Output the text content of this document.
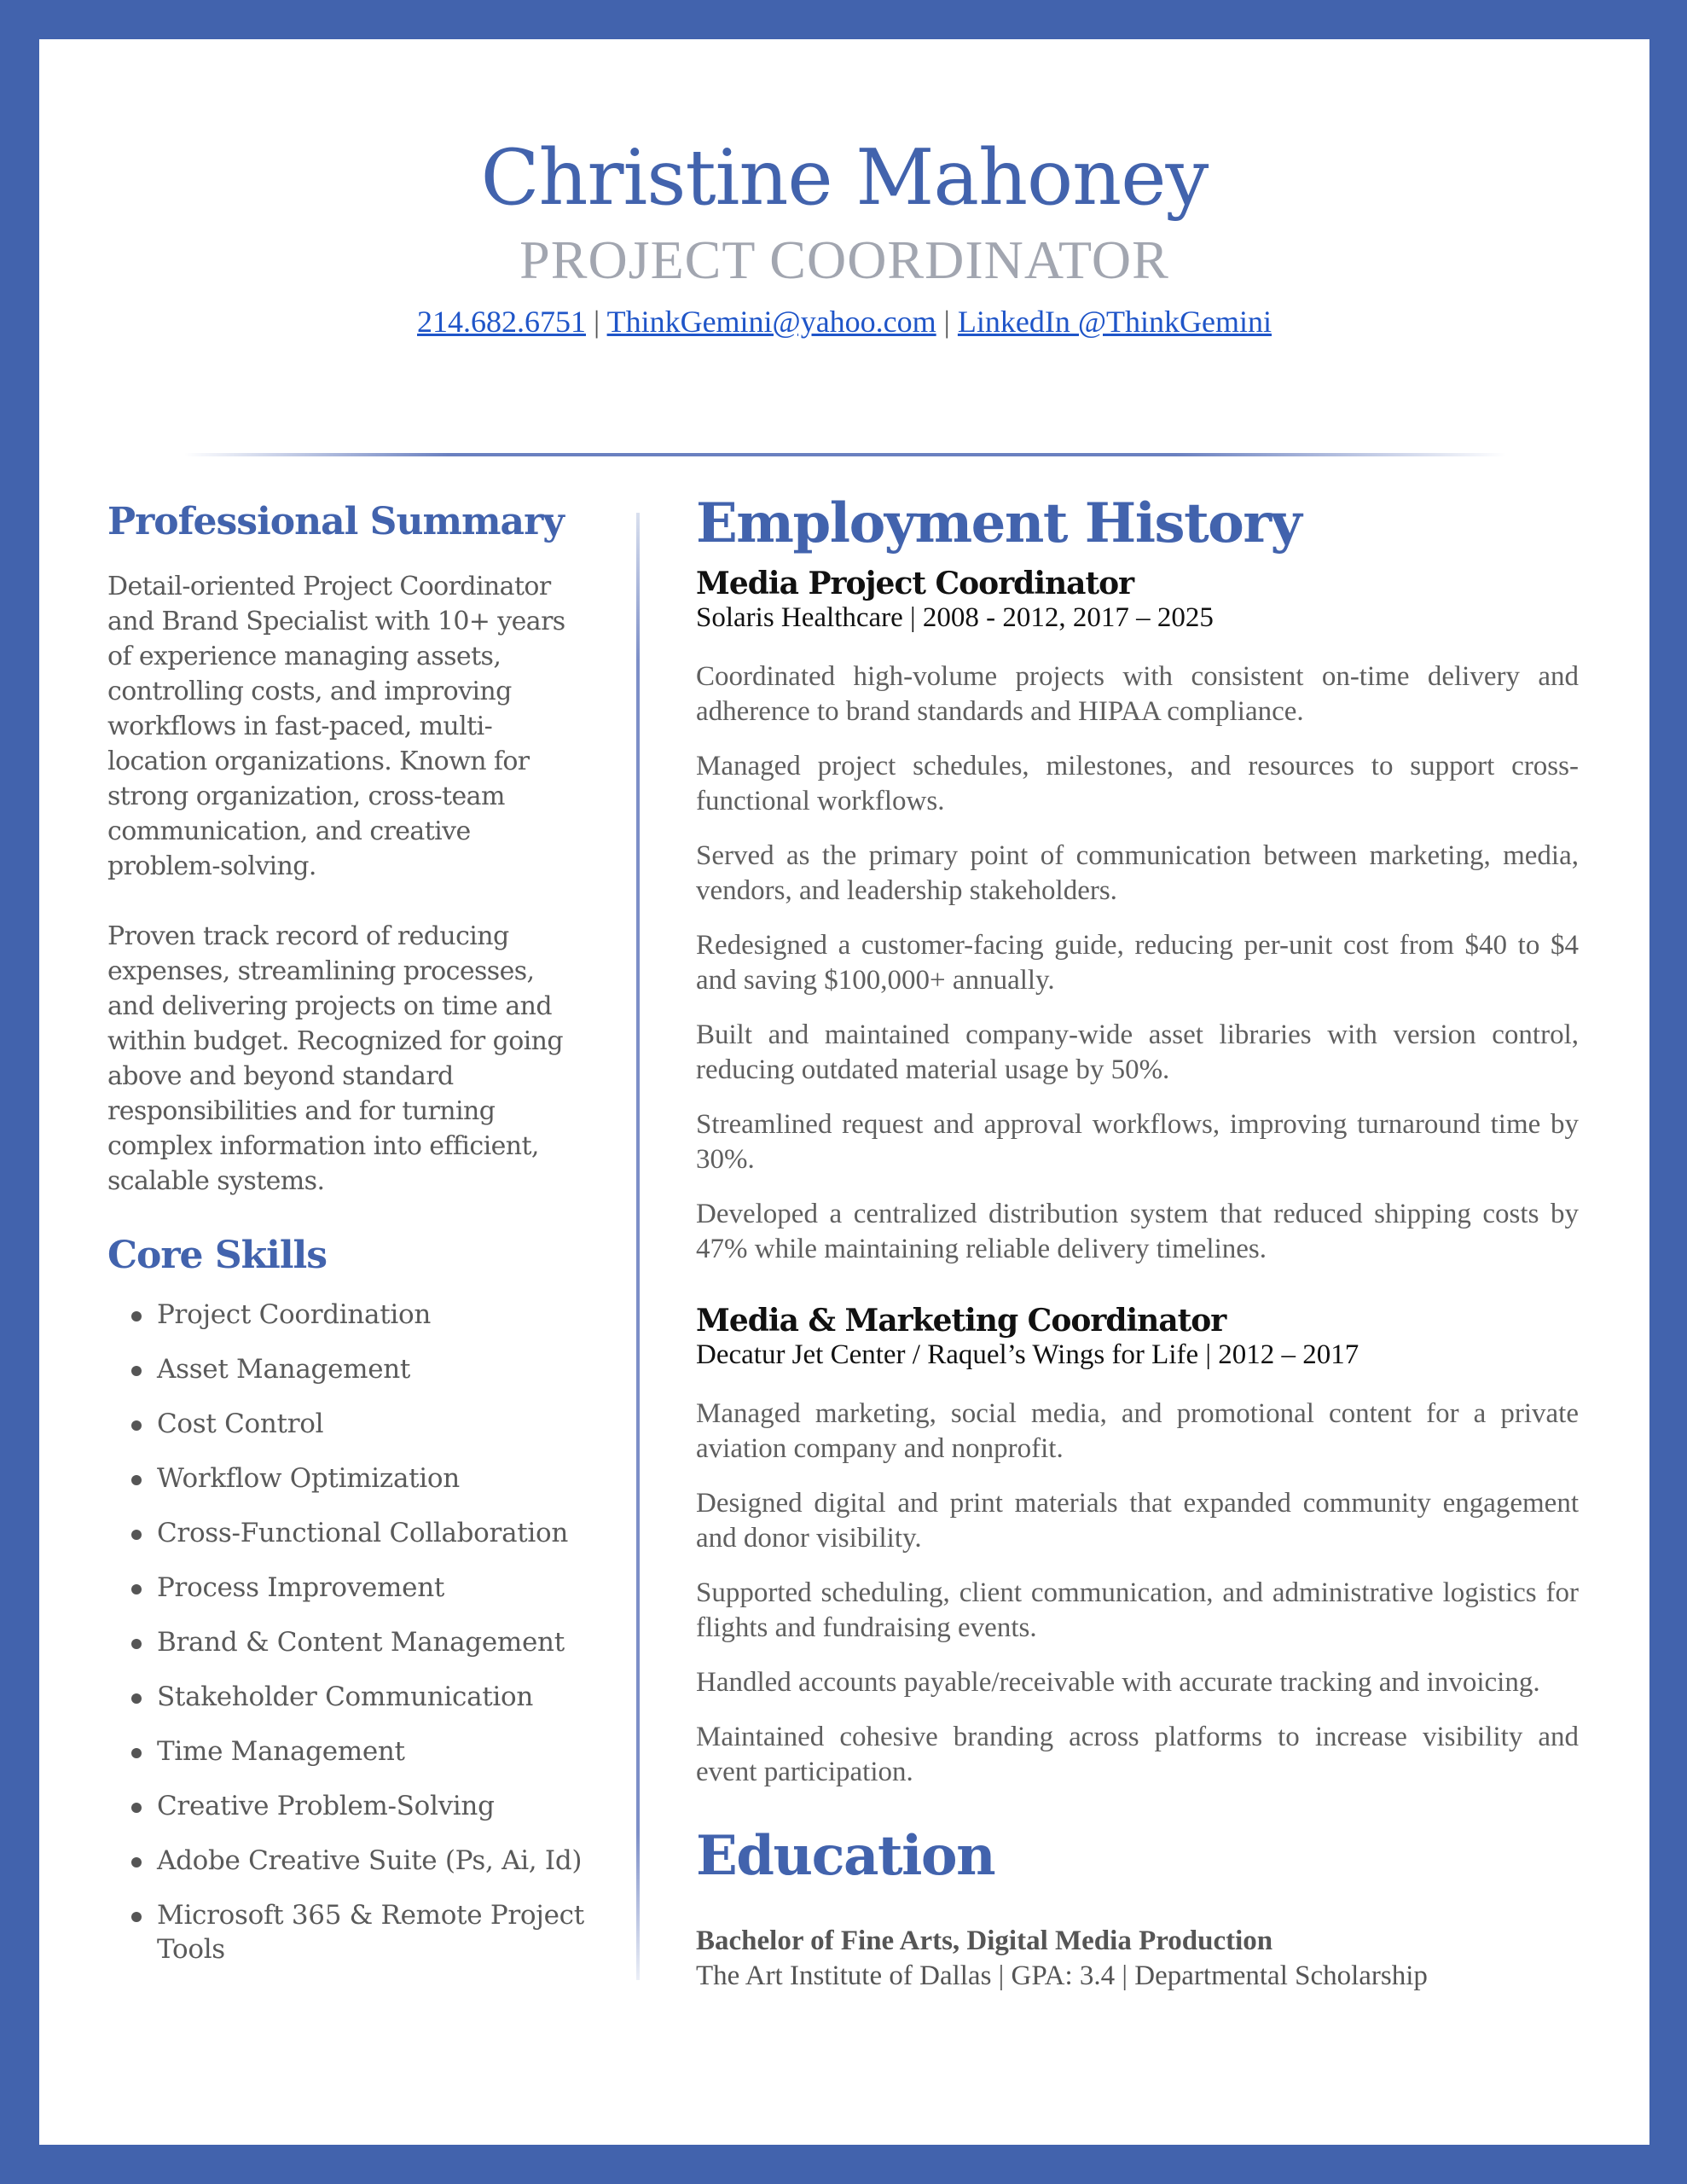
Christine Mahoney
PROJECT COORDINATOR
214.682.6751 | ThinkGemini@yahoo.com | LinkedIn @ThinkGemini
Professional Summary

Detail-oriented Project Coordinator and Brand Specialist with 10+ years of experience managing assets, controlling costs, and improving workflows in fast-paced, multi-location organizations. Known for strong organization, cross-team communication, and creative problem-solving.

Proven track record of reducing expenses, streamlining processes, and delivering projects on time and within budget. Recognized for going above and beyond standard responsibilities and for turning complex information into efficient, scalable systems.

Core Skills
Project Coordination
Asset Management
Cost Control
Workflow Optimization
Cross-Functional Collaboration
Process Improvement
Brand & Content Management
Stakeholder Communication
Time Management
Creative Problem-Solving
Adobe Creative Suite (Ps, Ai, Id)
Microsoft 365 & Remote Project Tools
Employment History
Media Project Coordinator
Solaris Healthcare | 2008 - 2012, 2017 – 2025

Coordinated high-volume projects with consistent on-time delivery and adherence to brand standards and HIPAA compliance.

Managed project schedules, milestones, and resources to support cross-functional workflows.

Served as the primary point of communication between marketing, media, vendors, and leadership stakeholders.

Redesigned a customer-facing guide, reducing per-unit cost from $40 to $4 and saving $100,000+ annually.

Built and maintained company-wide asset libraries with version control, reducing outdated material usage by 50%.

Streamlined request and approval workflows, improving turnaround time by 30%.

Developed a centralized distribution system that reduced shipping costs by 47% while maintaining reliable delivery timelines.

Media & Marketing Coordinator
Decatur Jet Center / Raquel’s Wings for Life | 2012 – 2017

Managed marketing, social media, and promotional content for a private aviation company and nonprofit.

Designed digital and print materials that expanded community engagement and donor visibility.

Supported scheduling, client communication, and administrative logistics for flights and fundraising events.

Handled accounts payable/receivable with accurate tracking and invoicing.

Maintained cohesive branding across platforms to increase visibility and event participation.

Education
Bachelor of Fine Arts, Digital Media Production
The Art Institute of Dallas | GPA: 3.4 | Departmental Scholarship
